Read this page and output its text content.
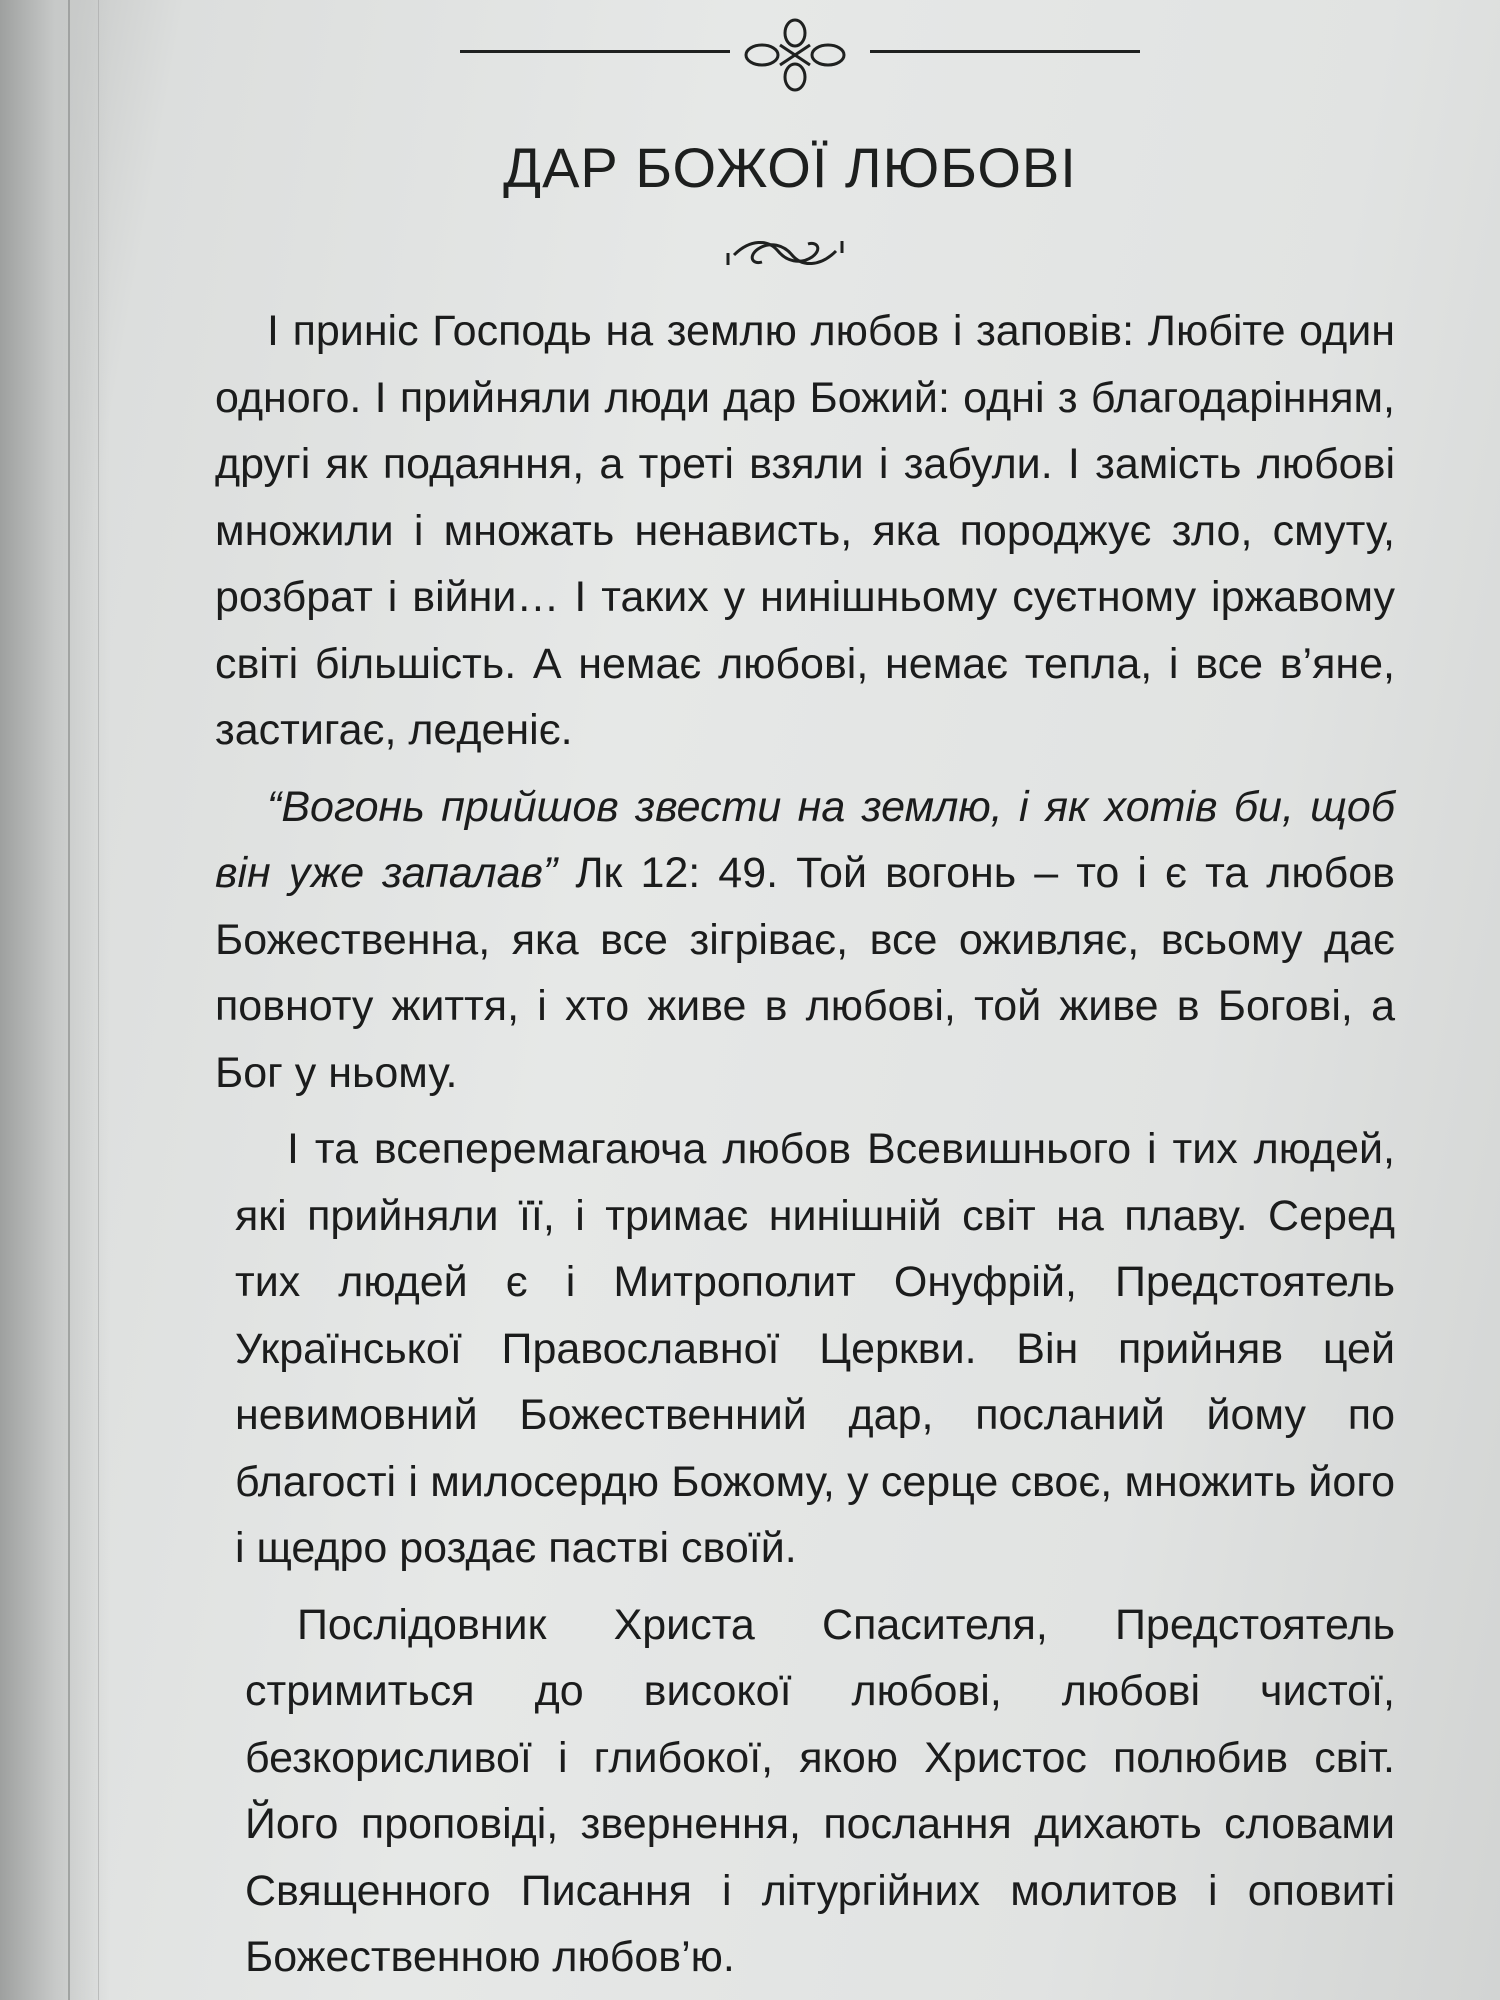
ДАР БОЖОЇ ЛЮБОВІ

І приніс Господь на землю любов і заповів: Любіте один одного. І прийняли люди дар Божий: одні з благодарінням, другі як подаяння, а треті взяли і забули. І замість любові множили і множать ненависть, яка породжує зло, смуту, розбрат і війни… І таких у нинішньому суєтному іржавому світі більшість. А немає любові, немає тепла, і все в’яне, застигає, леденіє.

“Вогонь прийшов звести на землю, і як хотів би, щоб він уже запалав” Лк 12: 49. Той вогонь – то і є та любов Божественна, яка все зігріває, все оживляє, всьому дає повноту життя, і хто живе в любові, той живе в Богові, а Бог у ньому.

І та всеперемагаюча любов Всевишнього і тих людей, які прийняли її, і тримає нинішній світ на плаву. Серед тих людей є і Митрополит Онуфрій, Предстоятель Української Православної Церкви. Він прийняв цей невимовний Божественний дар, посланий йому по благості і милосердю Божому, у серце своє, множить його і щедро роздає пастві своїй.

Послідовник Христа Спасителя, Предстоятель стримиться до високої любові, любові чистої, безкорисливої і глибокої, якою Христос полюбив світ. Його проповіді, звернення, послання дихають словами Священного Писання і літургійних молитов і оповиті Божественною любов’ю.
